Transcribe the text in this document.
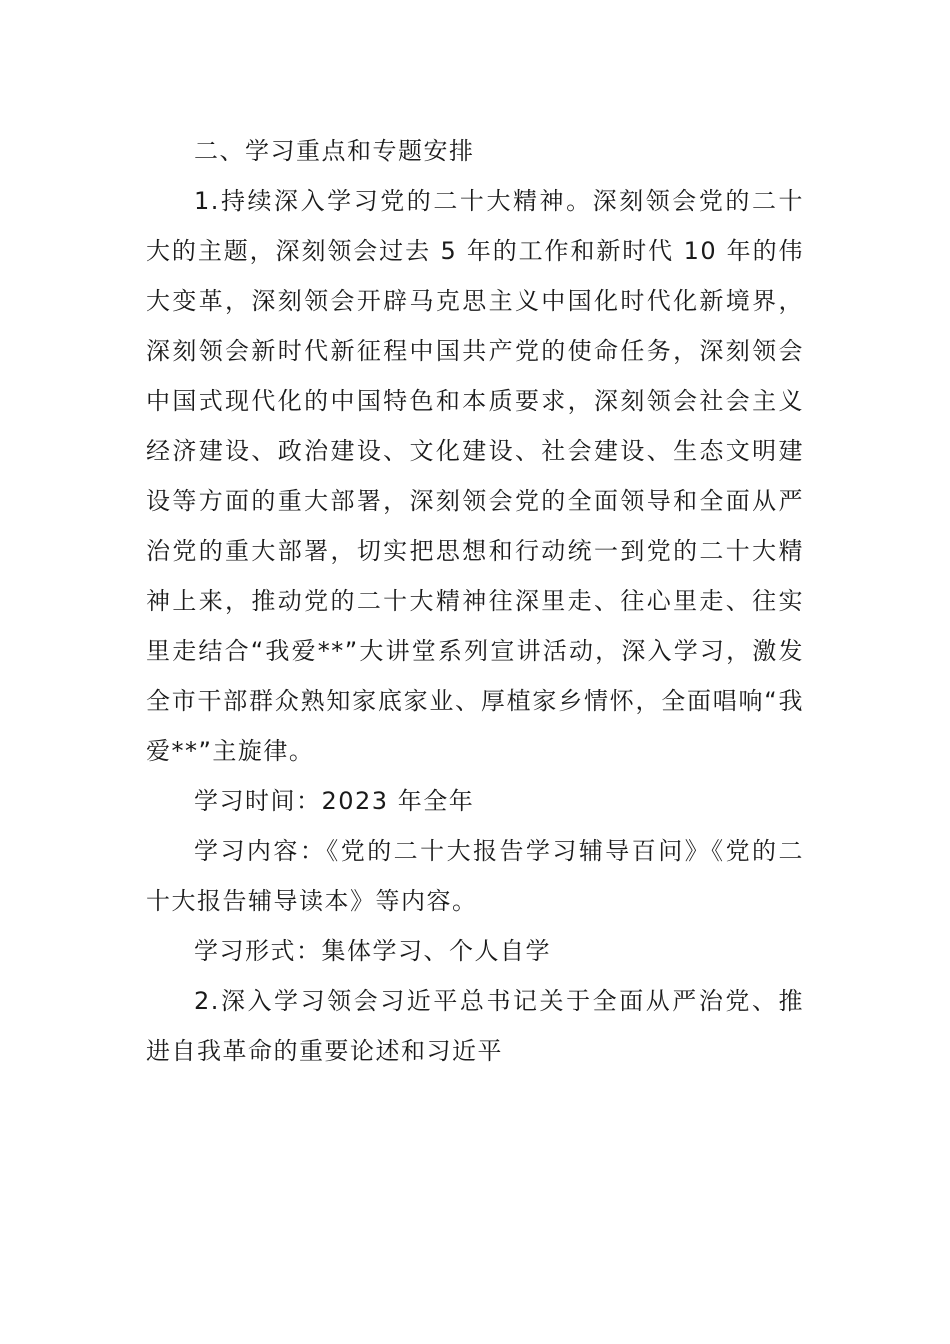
二、学习重点和专题安排

1.持续深入学习党的二十大精神。深刻领会党的二十大的主题，深刻领会过去 5 年的工作和新时代 10 年的伟大变革，深刻领会开辟马克思主义中国化时代化新境界，深刻领会新时代新征程中国共产党的使命任务，深刻领会中国式现代化的中国特色和本质要求，深刻领会社会主义经济建设、政治建设、文化建设、社会建设、生态文明建设等方面的重大部署，深刻领会党的全面领导和全面从严治党的重大部署，切实把思想和行动统一到党的二十大精神上来，推动党的二十大精神往深里走、往心里走、往实里走结合“我爱**”大讲堂系列宣讲活动，深入学习，激发全市干部群众熟知家底家业、厚植家乡情怀，全面唱响“我爱**”主旋律。

学习时间：2023 年全年

学习内容：《党的二十大报告学习辅导百问》《党的二十大报告辅导读本》等内容。

学习形式：集体学习、个人自学

2.深入学习领会习近平总书记关于全面从严治党、推进自我革命的重要论述和习近平
